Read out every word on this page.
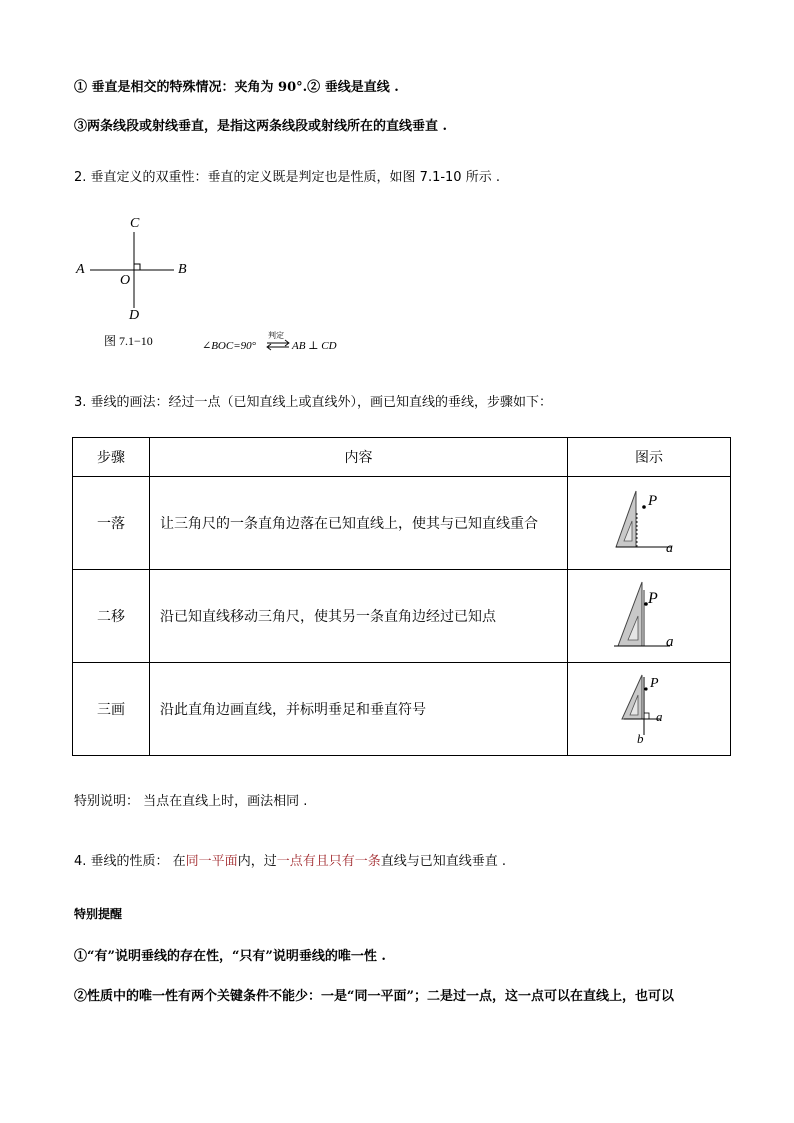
① 垂直是相交的特殊情况：夹角为 90°.② 垂线是直线 .
③两条线段或射线垂直，是指这两条线段或射线所在的直线垂直 .
2. 垂直定义的双重性：垂直的定义既是判定也是性质，如图 7.1-10 所示 .
C
A	B
O
D
图 7.1−10	∠BOC=90°
判定
AB ⊥ CD
3. 垂线的画法：经过一点（已知直线上或直线外），画已知直线的垂线，步骤如下：
步骤	内容	图示
一落	让三角尺的一条直角边落在已知直线上，使其与已知直线重合	P
a

二移	沿已知直线移动三角尺，使其另一条直角边经过已知点	P
a

三画	沿此直角边画直线，并标明垂足和垂直符号	P
a
b
特别说明： 当点在直线上时，画法相同 .
4. 垂线的性质： 在同一平面内，过一点有且只有一条直线与已知直线垂直 .
特别提醒
①“有”说明垂线的存在性，“只有”说明垂线的唯一性 .
②性质中的唯一性有两个关键条件不能少：一是“同一平面”；二是过一点，这一点可以在直线上，也可以
